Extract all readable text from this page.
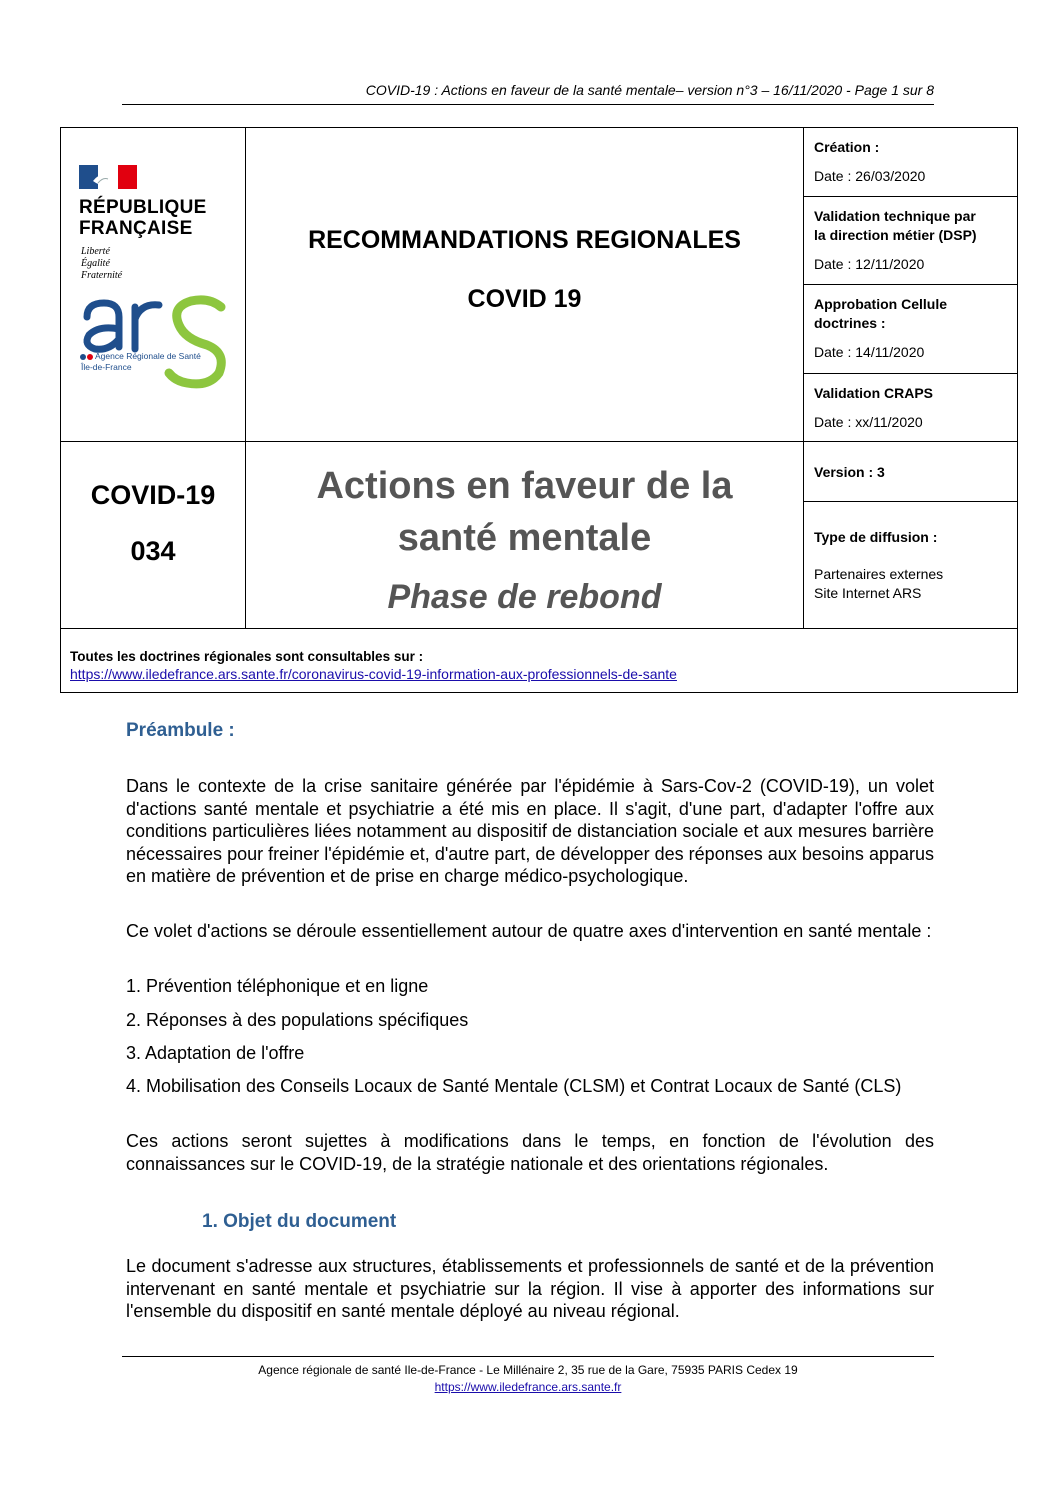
COVID-19 : Actions en faveur de la santé mentale– version n°3 – 16/11/2020 - Page 1 sur 8
RÉPUBLIQUE
FRANÇAISE
Liberté
Égalité
Fraternité
Agence Régionale de Santé
Île-de-France
RECOMMANDATIONS REGIONALES
COVID 19
Création :
Date : 26/03/2020
Validation technique par
la direction métier (DSP)
Date : 12/11/2020
Approbation Cellule
doctrines :
Date : 14/11/2020
Validation CRAPS
Date : xx/11/2020
COVID-19
034
Actions en faveur de la
santé mentale
Phase de rebond
Version : 3
Type de diffusion :
Partenaires externes
Site Internet ARS
Toutes les doctrines régionales sont consultables sur :
https://www.iledefrance.ars.sante.fr/coronavirus-covid-19-information-aux-professionnels-de-sante
Préambule :
Dans le contexte de la crise sanitaire générée par l'épidémie à Sars-Cov-2 (COVID-19), un volet d'actions santé mentale et psychiatrie a été mis en place. Il s'agit, d'une part, d'adapter l'offre aux conditions particulières liées notamment au dispositif de distanciation sociale et aux mesures barrière nécessaires pour freiner l'épidémie et, d'autre part, de développer des réponses aux besoins apparus en matière de prévention et de prise en charge médico-psychologique.
Ce volet d'actions se déroule essentiellement autour de quatre axes d'intervention en santé mentale :
1. Prévention téléphonique et en ligne
2. Réponses à des populations spécifiques
3. Adaptation de l'offre
4. Mobilisation des Conseils Locaux de Santé Mentale (CLSM) et Contrat Locaux de Santé (CLS)
Ces actions seront sujettes à modifications dans le temps, en fonction de l'évolution des connaissances sur le COVID-19, de la stratégie nationale et des orientations régionales.
1. Objet du document
Le document s'adresse aux structures, établissements et professionnels de santé et de la prévention intervenant en santé mentale et psychiatrie sur la région. Il vise à apporter des informations sur l'ensemble du dispositif en santé mentale déployé au niveau régional.
Agence régionale de santé Ile-de-France - Le Millénaire 2, 35 rue de la Gare, 75935 PARIS Cedex 19
https://www.iledefrance.ars.sante.fr
